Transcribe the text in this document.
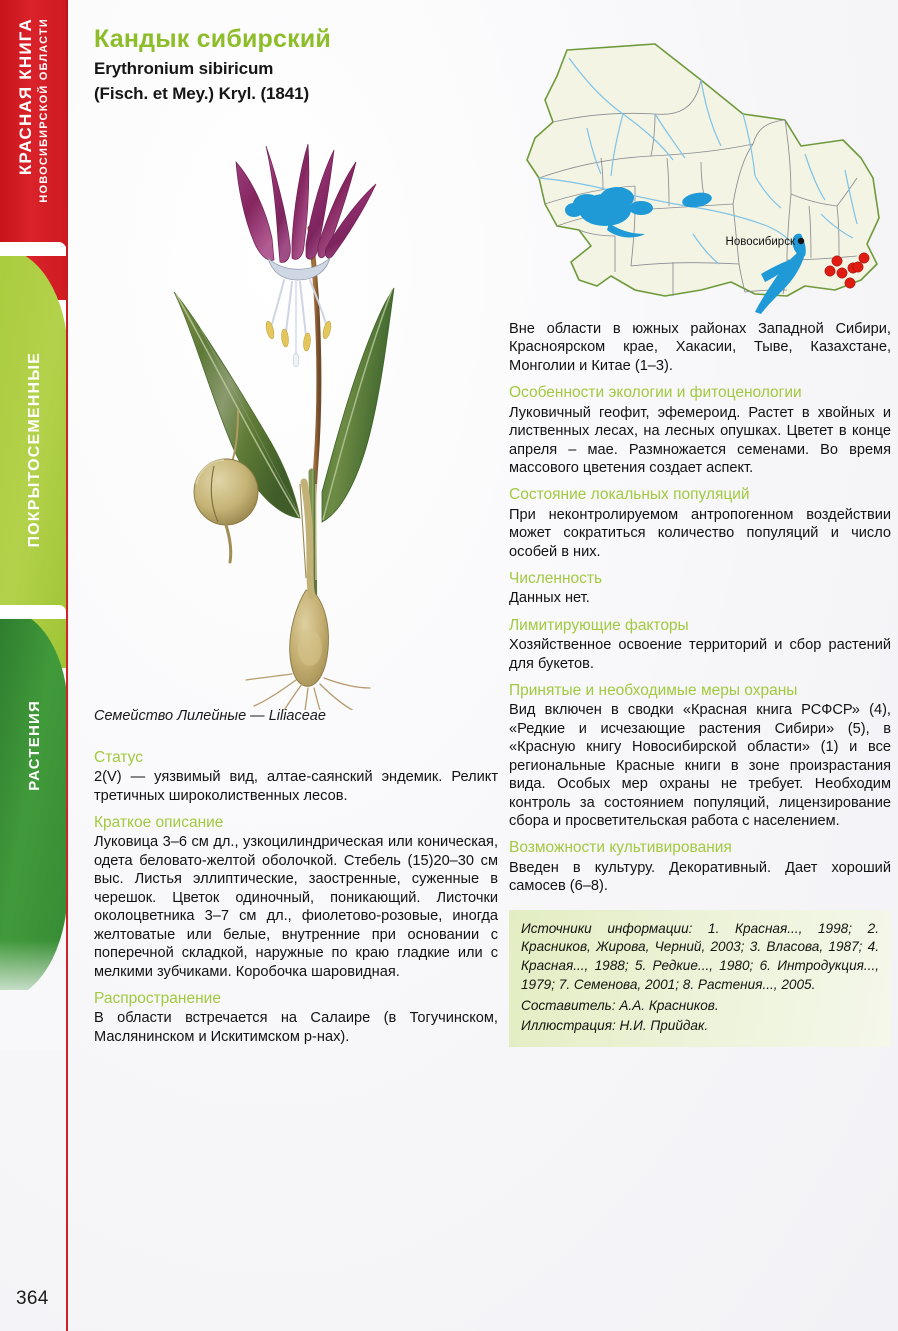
КРАСНАЯ КНИГА НОВОСИБИРСКОЙ ОБЛАСТИ
ПОКРЫТОСЕМЕННЫЕ
РАСТЕНИЯ
364
Кандык сибирский
Erythronium sibiricum
(Fisch. et Mey.) Kryl. (1841)
Семейство Лилейные — Liliaceae
Статус

2(V) — уязвимый вид, алтае-саянский эндемик. Реликт третичных широколиственных лесов.

Краткое описание

Луковица 3–6 см дл., узкоцилиндрическая или коническая, одета беловато-желтой оболочкой. Стебель (15)20–30 см выс. Листья эллиптические, заостренные, суженные в черешок. Цветок одиночный, поникающий. Листочки околоцветника 3–7 см дл., фиолетово-розовые, иногда желтоватые или белые, внутренние при основании с поперечной складкой, наружные по краю гладкие или с мелкими зубчиками. Коробочка шаровидная.

Распространение

В области встречается на Салаире (в Тогучинском, Маслянинском и Искитимском р-нах).

Новосибирск

Вне области в южных районах Западной Сибири, Красноярском крае, Хакасии, Тыве, Казахстане, Монголии и Китае (1–3).

Особенности экологии и фитоценологии

Луковичный геофит, эфемероид. Растет в хвойных и лиственных лесах, на лесных опушках. Цветет в конце апреля – мае. Размножается семенами. Во время массового цветения создает аспект.

Состояние локальных популяций

При неконтролируемом антропогенном воздействии может сократиться количество популяций и число особей в них.

Численность

Данных нет.

Лимитирующие факторы

Хозяйственное освоение территорий и сбор растений для букетов.

Принятые и необходимые меры охраны

Вид включен в сводки «Красная книга РСФСР» (4), «Редкие и исчезающие растения Сибири» (5), в «Красную книгу Новосибирской области» (1) и все региональные Красные книги в зоне произрастания вида. Особых мер охраны не требует. Необходим контроль за состоянием популяций, лицензирование сбора и просветительская работа с населением.

Возможности культивирования

Введен в культуру. Декоративный. Дает хороший самосев (6–8).

Источники информации: 1. Красная..., 1998; 2. Красников, Жирова, Черний, 2003; 3. Власова, 1987; 4. Красная..., 1988; 5. Редкие..., 1980; 6. Интродукция..., 1979; 7. Семенова, 2001; 8. Растения..., 2005.

Составитель: А.А. Красников.

Иллюстрация: Н.И. Прийдак.
